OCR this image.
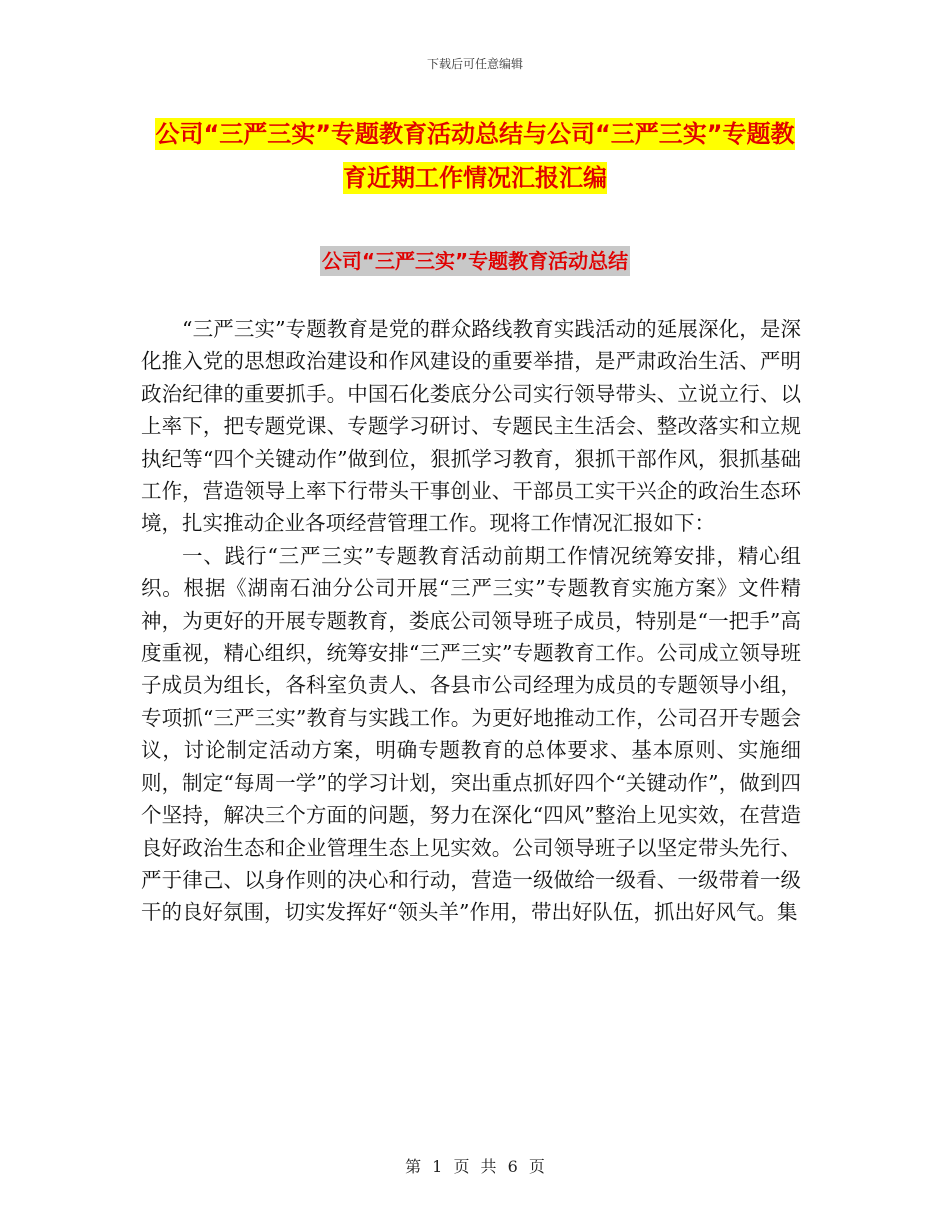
下载后可任意编辑
公司“三严三实”专题教育活动总结与公司“三严三实”专题教育近期工作情况汇报汇编
公司“三严三实”专题教育活动总结

“三严三实”专题教育是党的群众路线教育实践活动的延展深化，是深化推入党的思想政治建设和作风建设的重要举措，是严肃政治生活、严明政治纪律的重要抓手。中国石化娄底分公司实行领导带头、立说立行、以上率下，把专题党课、专题学习研讨、专题民主生活会、整改落实和立规执纪等“四个关键动作”做到位，狠抓学习教育，狠抓干部作风，狠抓基础工作，营造领导上率下行带头干事创业、干部员工实干兴企的政治生态环境，扎实推动企业各项经营管理工作。现将工作情况汇报如下：

一、践行“三严三实”专题教育活动前期工作情况统筹安排，精心组织。根据《湖南石油分公司开展“三严三实”专题教育实施方案》文件精神，为更好的开展专题教育，娄底公司领导班子成员，特别是“一把手”高度重视，精心组织，统筹安排“三严三实”专题教育工作。公司成立领导班子成员为组长，各科室负责人、各县市公司经理为成员的专题领导小组，专项抓“三严三实”教育与实践工作。为更好地推动工作，公司召开专题会议，讨论制定活动方案，明确专题教育的总体要求、基本原则、实施细则，制定“每周一学”的学习计划，突出重点抓好四个“关键动作”，做到四个坚持，解决三个方面的问题，努力在深化“四风”整治上见实效，在营造良好政治生态和企业管理生态上见实效。公司领导班子以坚定带头先行、严于律己、以身作则的决心和行动，营造一级做给一级看、一级带着一级干的良好氛围，切实发挥好“领头羊”作用，带出好队伍，抓出好风气。集

第 1 页 共 6 页
